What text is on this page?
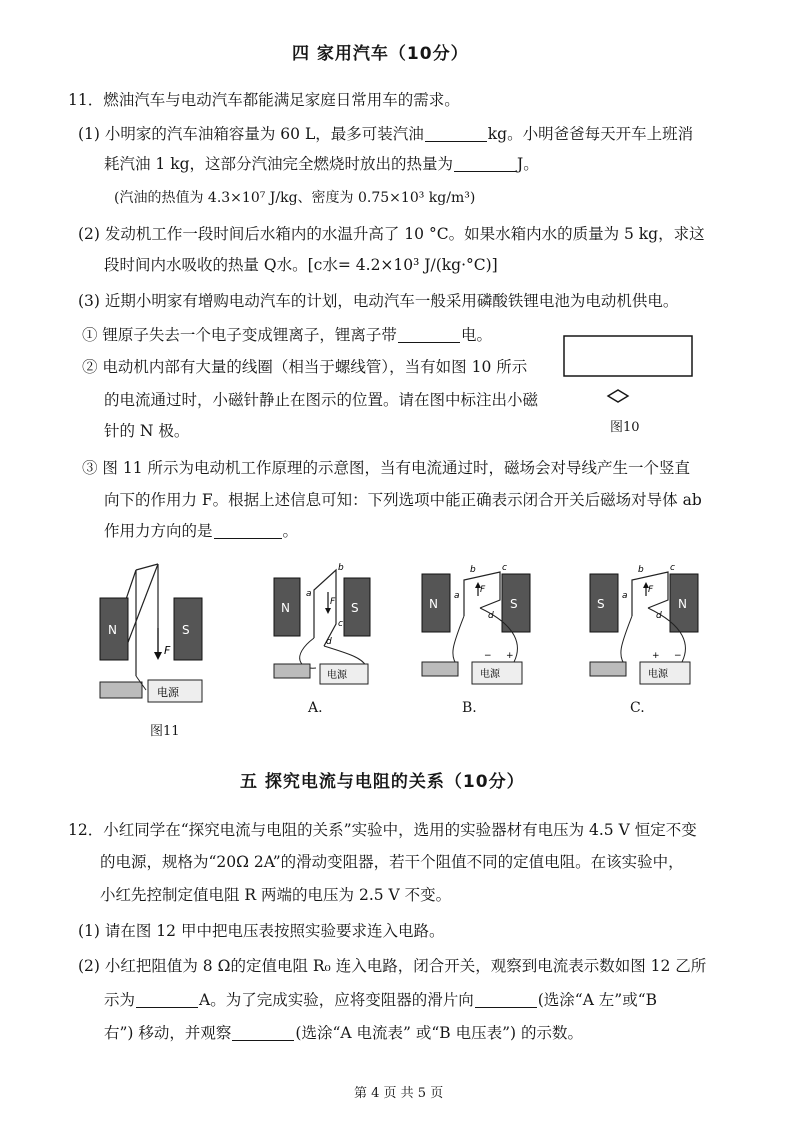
四 家用汽车（10分）
11．燃油汽车与电动汽车都能满足家庭日常用车的需求。
(1) 小明家的汽车油箱容量为 60 L，最多可装汽油	kg。小明爸爸每天开车上班消
耗汽油 1 kg，这部分汽油完全燃烧时放出的热量为	J。
(汽油的热值为 4.3×10⁷ J/kg、密度为 0.75×10³ kg/m³)
(2) 发动机工作一段时间后水箱内的水温升高了 10 °C。如果水箱内水的质量为 5 kg，求这
段时间内水吸收的热量 Q水。[c水= 4.2×10³ J/(kg·°C)]
(3) 近期小明家有增购电动汽车的计划，电动汽车一般采用磷酸铁锂电池为电动机供电。
① 锂原子失去一个电子变成锂离子，锂离子带	电。
② 电动机内部有大量的线圈（相当于螺线管），当有如图 10 所示
的电流通过时，小磁针静止在图示的位置。请在图中标注出小磁
针的 N 极。	图10
③ 图 11 所示为电动机工作原理的示意图，当有电流通过时，磁场会对导线产生一个竖直
向下的作用力 F。根据上述信息可知：下列选项中能正确表示闭合开关后磁场对导体 ab
作用力方向的是	。
N	S
F
电源
图11
N	S
F
a
b
c
d
电源
A.
N	S
F
a
b	c
d
− +
电源
B.
S	N
F
a
b	c
d
+ −
电源
C.
五 探究电流与电阻的关系（10分）
12．小红同学在“探究电流与电阻的关系”实验中，选用的实验器材有电压为 4.5 V 恒定不变
的电源，规格为“20Ω 2A”的滑动变阻器，若干个阻值不同的定值电阻。在该实验中，
小红先控制定值电阻 R 两端的电压为 2.5 V 不变。
(1) 请在图 12 甲中把电压表按照实验要求连入电路。
(2) 小红把阻值为 8 Ω的定值电阻 R₀ 连入电路，闭合开关，观察到电流表示数如图 12 乙所
示为	A。为了完成实验，应将变阻器的滑片向	(选涂“A 左”或“B
右”) 移动，并观察	(选涂“A 电流表” 或“B 电压表”) 的示数。
第 4 页 共 5 页
